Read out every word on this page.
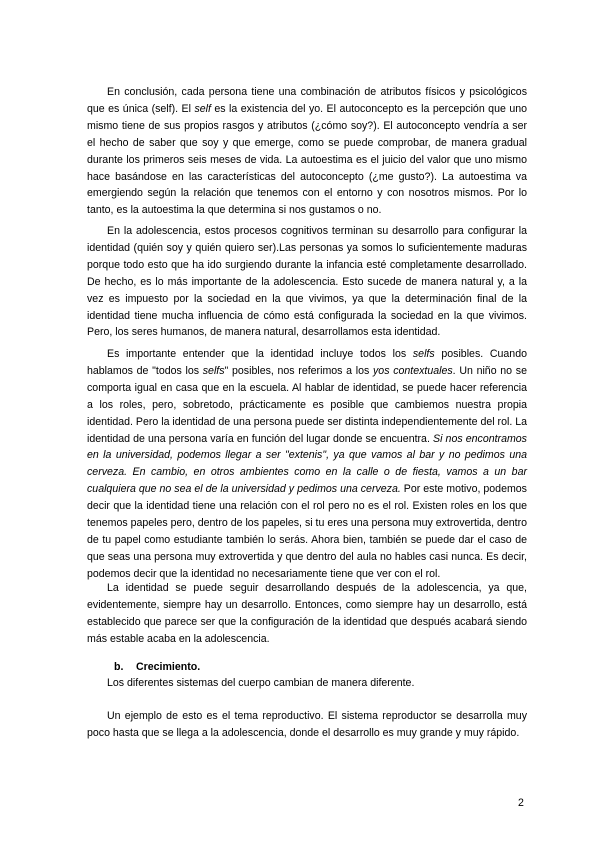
En conclusión, cada persona tiene una combinación de atributos físicos y psicológicos que es única (self). El self es la existencia del yo. El autoconcepto es la percepción que uno mismo tiene de sus propios rasgos y atributos (¿cómo soy?). El autoconcepto vendría a ser el hecho de saber que soy y que emerge, como se puede comprobar, de manera gradual durante los primeros seis meses de vida. La autoestima es el juicio del valor que uno mismo hace basándose en las características del autoconcepto (¿me gusto?). La autoestima va emergiendo según la relación que tenemos con el entorno y con nosotros mismos. Por lo tanto, es la autoestima la que determina si nos gustamos o no.

En la adolescencia, estos procesos cognitivos terminan su desarrollo para configurar la identidad (quién soy y quién quiero ser).Las personas ya somos lo suficientemente maduras porque todo esto que ha ido surgiendo durante la infancia esté completamente desarrollado. De hecho, es lo más importante de la adolescencia. Esto sucede de manera natural y, a la vez es impuesto por la sociedad en la que vivimos, ya que la determinación final de la identidad tiene mucha influencia de cómo está configurada la sociedad en la que vivimos. Pero, los seres humanos, de manera natural, desarrollamos esta identidad.

Es importante entender que la identidad incluye todos los selfs posibles. Cuando hablamos de "todos los selfs" posibles, nos referimos a los yos contextuales. Un niño no se comporta igual en casa que en la escuela. Al hablar de identidad, se puede hacer referencia a los roles, pero, sobretodo, prácticamente es posible que cambiemos nuestra propia identidad. Pero la identidad de una persona puede ser distinta independientemente del rol. La identidad de una persona varía en función del lugar donde se encuentra. Si nos encontramos en la universidad, podemos llegar a ser "extenis", ya que vamos al bar y no pedimos una cerveza. En cambio, en otros ambientes como en la calle o de fiesta, vamos a un bar cualquiera que no sea el de la universidad y pedimos una cerveza. Por este motivo, podemos decir que la identidad tiene una relación con el rol pero no es el rol. Existen roles en los que tenemos papeles pero, dentro de los papeles, si tu eres una persona muy extrovertida, dentro de tu papel como estudiante también lo serás. Ahora bien, también se puede dar el caso de que seas una persona muy extrovertida y que dentro del aula no hables casi nunca. Es decir, podemos decir que la identidad no necesariamente tiene que ver con el rol.

La identidad se puede seguir desarrollando después de la adolescencia, ya que, evidentemente, siempre hay un desarrollo. Entonces, como siempre hay un desarrollo, está establecido que parece ser que la configuración de la identidad que después acabará siendo más estable acaba en la adolescencia.

b. Crecimiento.

Los diferentes sistemas del cuerpo cambian de manera diferente.

Un ejemplo de esto es el tema reproductivo. El sistema reproductor se desarrolla muy poco hasta que se llega a la adolescencia, donde el desarrollo es muy grande y muy rápido.

2
